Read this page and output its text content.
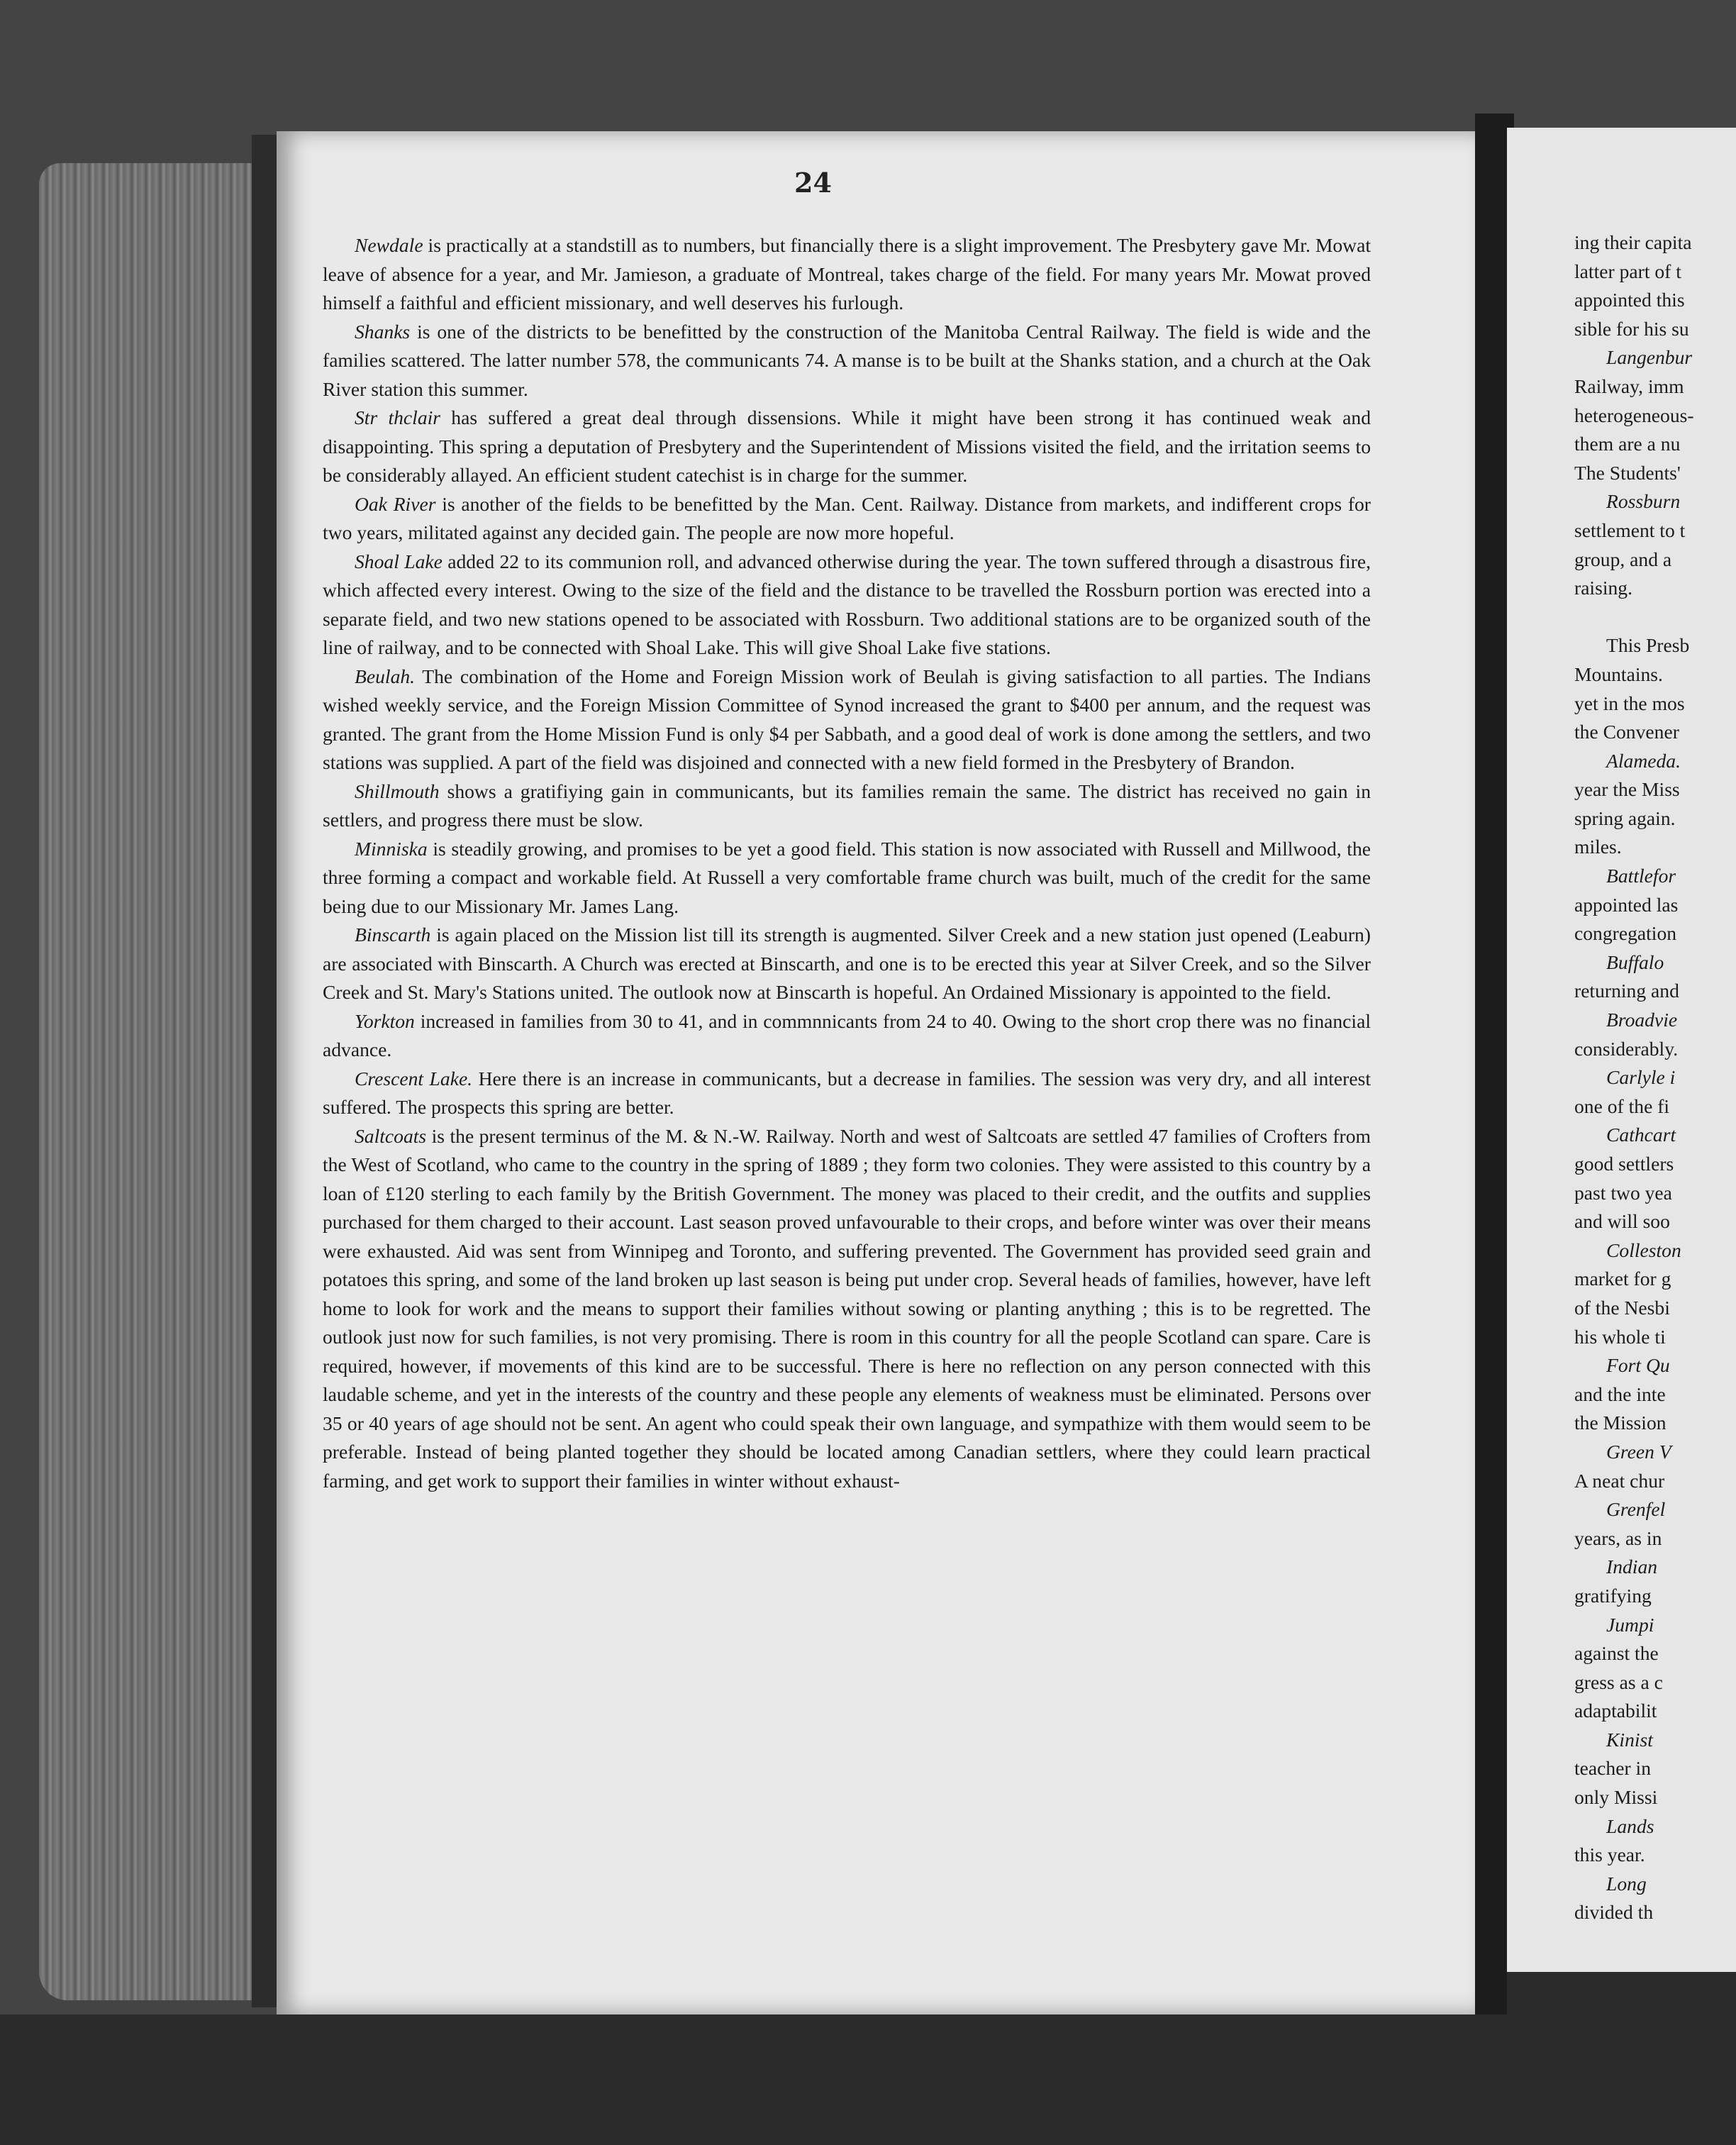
24

Newdale is practically at a standstill as to numbers, but financially there is a slight improvement. The Presbytery gave Mr. Mowat leave of absence for a year, and Mr. Jamieson, a graduate of Montreal, takes charge of the field. For many years Mr. Mowat proved himself a faithful and efficient missionary, and well deserves his furlough.

Shanks is one of the districts to be benefitted by the construction of the Manitoba Central Railway. The field is wide and the families scattered. The latter number 578, the communicants 74. A manse is to be built at the Shanks station, and a church at the Oak River station this summer.

Str thclair has suffered a great deal through dissensions. While it might have been strong it has continued weak and disappointing. This spring a deputation of Presbytery and the Superintendent of Missions visited the field, and the irritation seems to be considerably allayed. An efficient student catechist is in charge for the summer.

Oak River is another of the fields to be benefitted by the Man. Cent. Railway. Distance from markets, and indifferent crops for two years, militated against any decided gain. The people are now more hopeful.

Shoal Lake added 22 to its communion roll, and advanced otherwise during the year. The town suffered through a disastrous fire, which affected every interest. Owing to the size of the field and the distance to be travelled the Rossburn portion was erected into a separate field, and two new stations opened to be associated with Rossburn. Two additional stations are to be organized south of the line of railway, and to be connected with Shoal Lake. This will give Shoal Lake five stations.

Beulah. The combination of the Home and Foreign Mission work of Beulah is giving satisfaction to all parties. The Indians wished weekly service, and the Foreign Mission Committee of Synod increased the grant to $400 per annum, and the request was granted. The grant from the Home Mission Fund is only $4 per Sabbath, and a good deal of work is done among the settlers, and two stations was supplied. A part of the field was disjoined and connected with a new field formed in the Presbytery of Brandon.

Shillmouth shows a gratifiying gain in communicants, but its families remain the same. The district has received no gain in settlers, and progress there must be slow.

Minniska is steadily growing, and promises to be yet a good field. This station is now associated with Russell and Millwood, the three forming a compact and workable field. At Russell a very comfortable frame church was built, much of the credit for the same being due to our Missionary Mr. James Lang.

Binscarth is again placed on the Mission list till its strength is augmented. Silver Creek and a new station just opened (Leaburn) are associated with Binscarth. A Church was erected at Binscarth, and one is to be erected this year at Silver Creek, and so the Silver Creek and St. Mary's Stations united. The outlook now at Binscarth is hopeful. An Ordained Missionary is appointed to the field.

Yorkton increased in families from 30 to 41, and in commnnicants from 24 to 40. Owing to the short crop there was no financial advance.

Crescent Lake. Here there is an increase in communicants, but a decrease in families. The session was very dry, and all interest suffered. The prospects this spring are better.

Saltcoats is the present terminus of the M. & N.-W. Railway. North and west of Saltcoats are settled 47 families of Crofters from the West of Scotland, who came to the country in the spring of 1889 ; they form two colonies. They were assisted to this country by a loan of £120 sterling to each family by the British Government. The money was placed to their credit, and the outfits and supplies purchased for them charged to their account. Last season proved unfavourable to their crops, and before winter was over their means were exhausted. Aid was sent from Winnipeg and Toronto, and suffering prevented. The Government has provided seed grain and potatoes this spring, and some of the land broken up last season is being put under crop. Several heads of families, however, have left home to look for work and the means to support their families without sowing or planting anything ; this is to be regretted. The outlook just now for such families, is not very promising. There is room in this country for all the people Scotland can spare. Care is required, however, if movements of this kind are to be successful. There is here no reflection on any person connected with this laudable scheme, and yet in the interests of the country and these people any elements of weakness must be eliminated. Persons over 35 or 40 years of age should not be sent. An agent who could speak their own language, and sympathize with them would seem to be preferable. Instead of being planted together they should be located among Canadian settlers, where they could learn practical farming, and get work to support their families in winter without exhaust-

ing their capita
latter part of t
appointed this
sible for his su
Langenbur
Railway, imm
heterogeneous-
them are a nu
The Students'
Rossburn
settlement to t
group, and a
raising.
This Presb
Mountains.
yet in the mos
the Convener
Alameda.
year the Miss
spring again.
miles.
Battlefor
appointed las
congregation
Buffalo
returning and
Broadvie
considerably.
Carlyle i
one of the fi
Cathcart
good settlers
past two yea
and will soo
Colleston
market for g
of the Nesbi
his whole ti
Fort Qu
and the inte
the Mission
Green V
A neat chur
Grenfel
years, as in
Indian
gratifying
Jumpi
against the
gress as a c
adaptabilit
Kinist
teacher in
only Missi
Lands
this year.
Long
divided th
